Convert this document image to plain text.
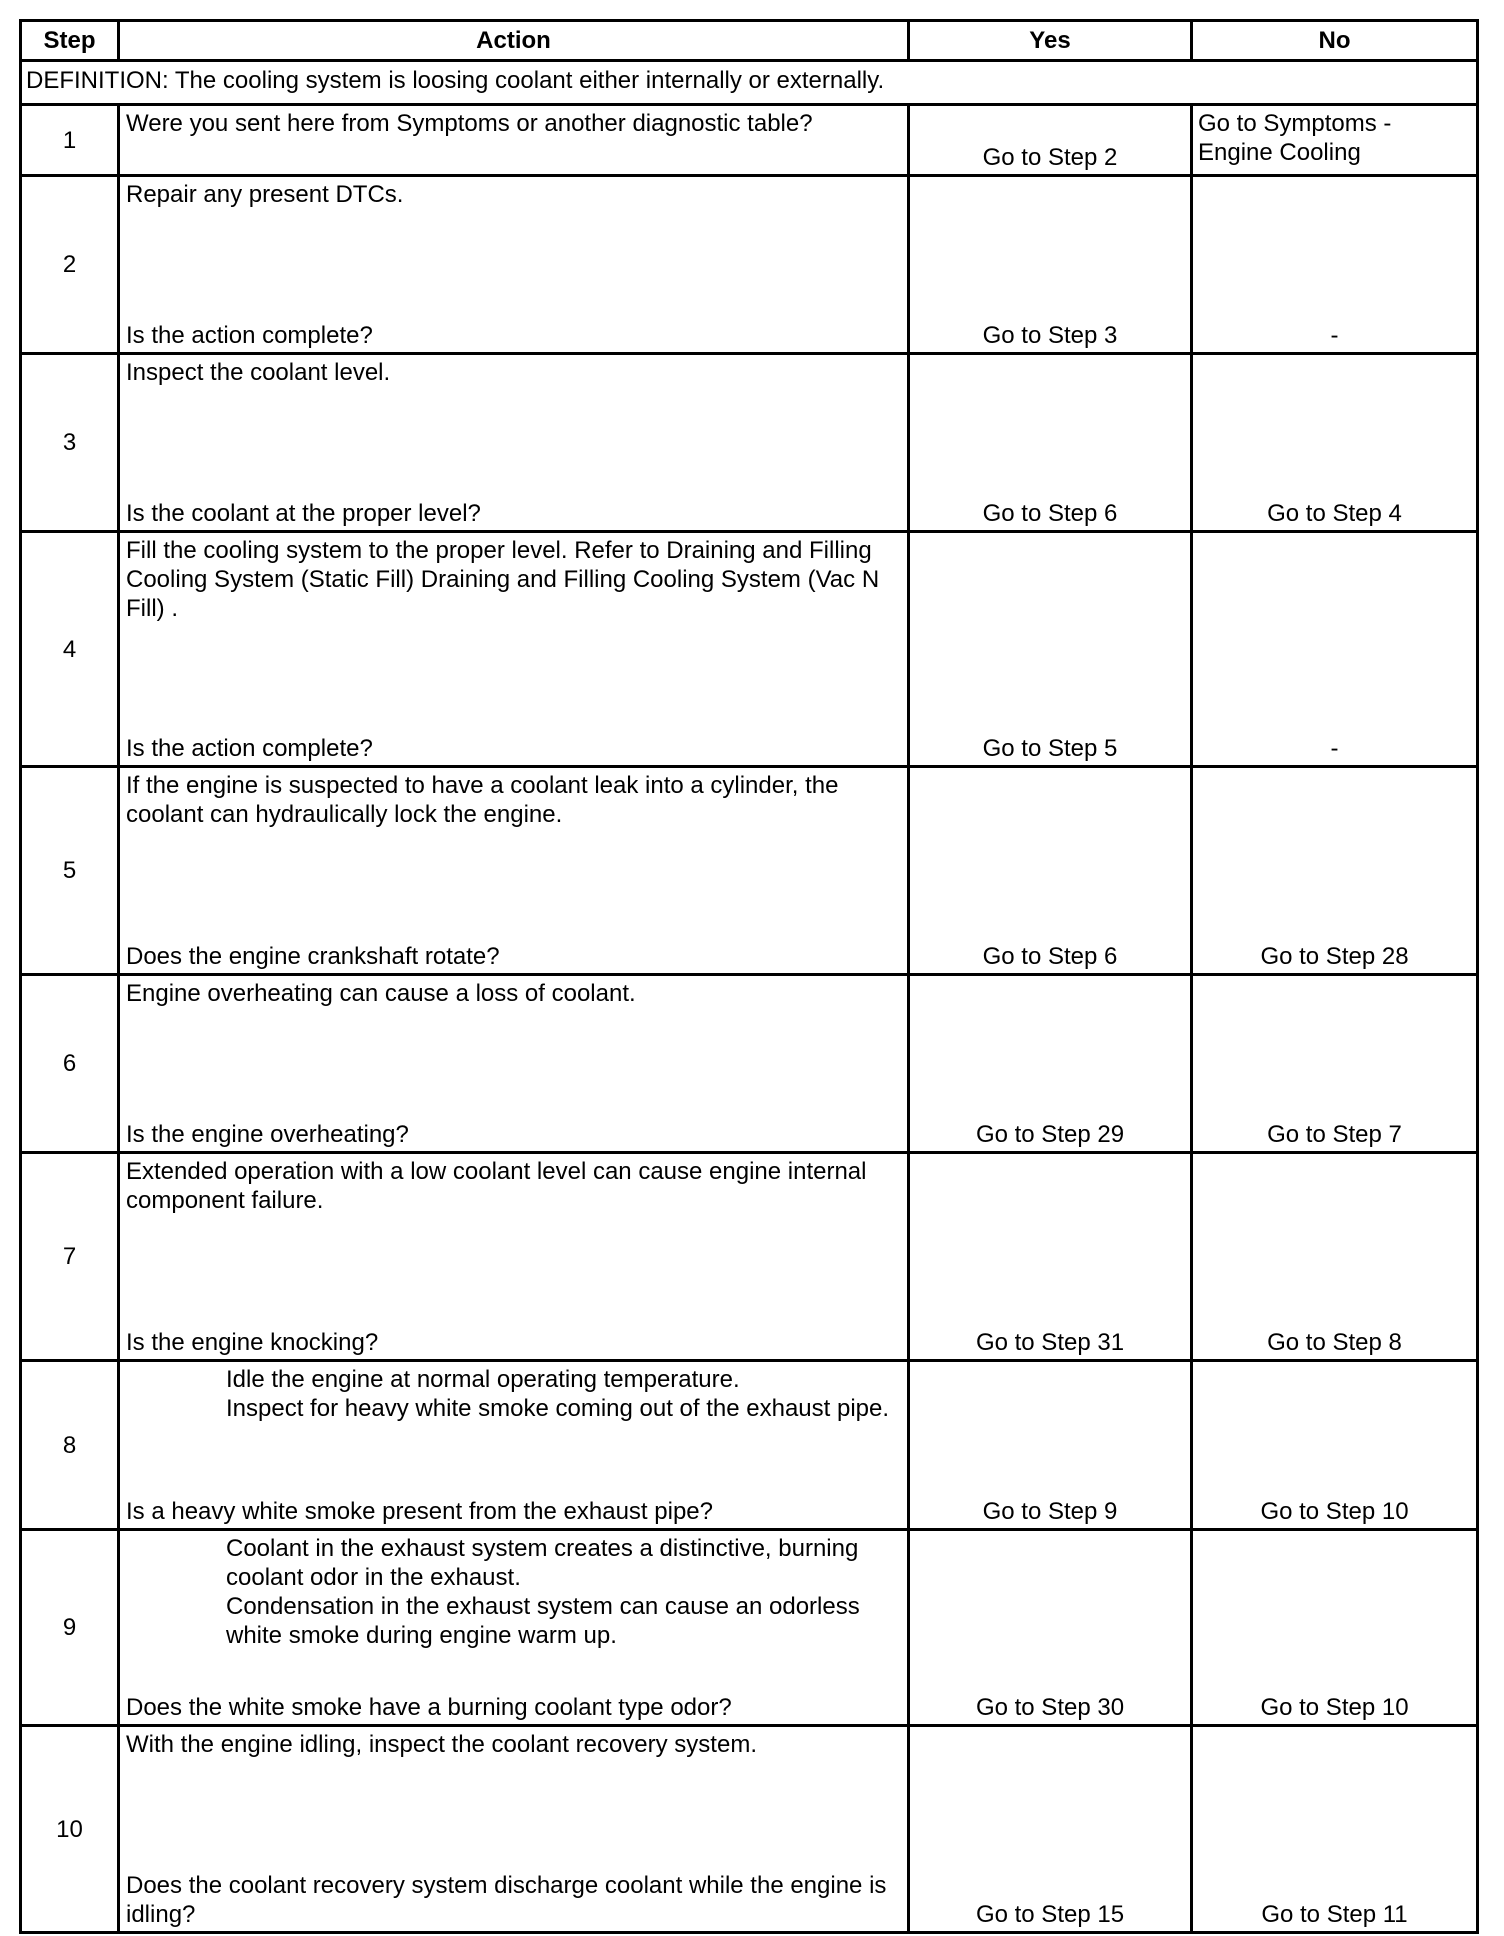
Step	Action	Yes	No
DEFINITION: The cooling system is loosing coolant either internally or externally.			
1	Were you sent here from Symptoms or another diagnostic table?	Go to Step 2	Go to Symptoms - Engine Cooling
2	Repair any present DTCs.
Is the action complete?	Go to Step 3	-
3	Inspect the coolant level.
Is the coolant at the proper level?	Go to Step 6	Go to Step 4
4	Fill the cooling system to the proper level. Refer to Draining and Filling Cooling System (Static Fill) Draining and Filling Cooling System (Vac N Fill) .
Is the action complete?	Go to Step 5	-
5	If the engine is suspected to have a coolant leak into a cylinder, the coolant can hydraulically lock the engine.
Does the engine crankshaft rotate?	Go to Step 6	Go to Step 28
6	Engine overheating can cause a loss of coolant.
Is the engine overheating?	Go to Step 29	Go to Step 7
7	Extended operation with a low coolant level can cause engine internal component failure.
Is the engine knocking?	Go to Step 31	Go to Step 8
8	Idle the engine at normal operating temperature.
Inspect for heavy white smoke coming out of the exhaust pipe.
Is a heavy white smoke present from the exhaust pipe?	Go to Step 9	Go to Step 10
9	Coolant in the exhaust system creates a distinctive, burning coolant odor in the exhaust.
Condensation in the exhaust system can cause an odorless white smoke during engine warm up.
Does the white smoke have a burning coolant type odor?	Go to Step 30	Go to Step 10
10	With the engine idling, inspect the coolant recovery system.
Does the coolant recovery system discharge coolant while the engine is idling?	Go to Step 15	Go to Step 11
